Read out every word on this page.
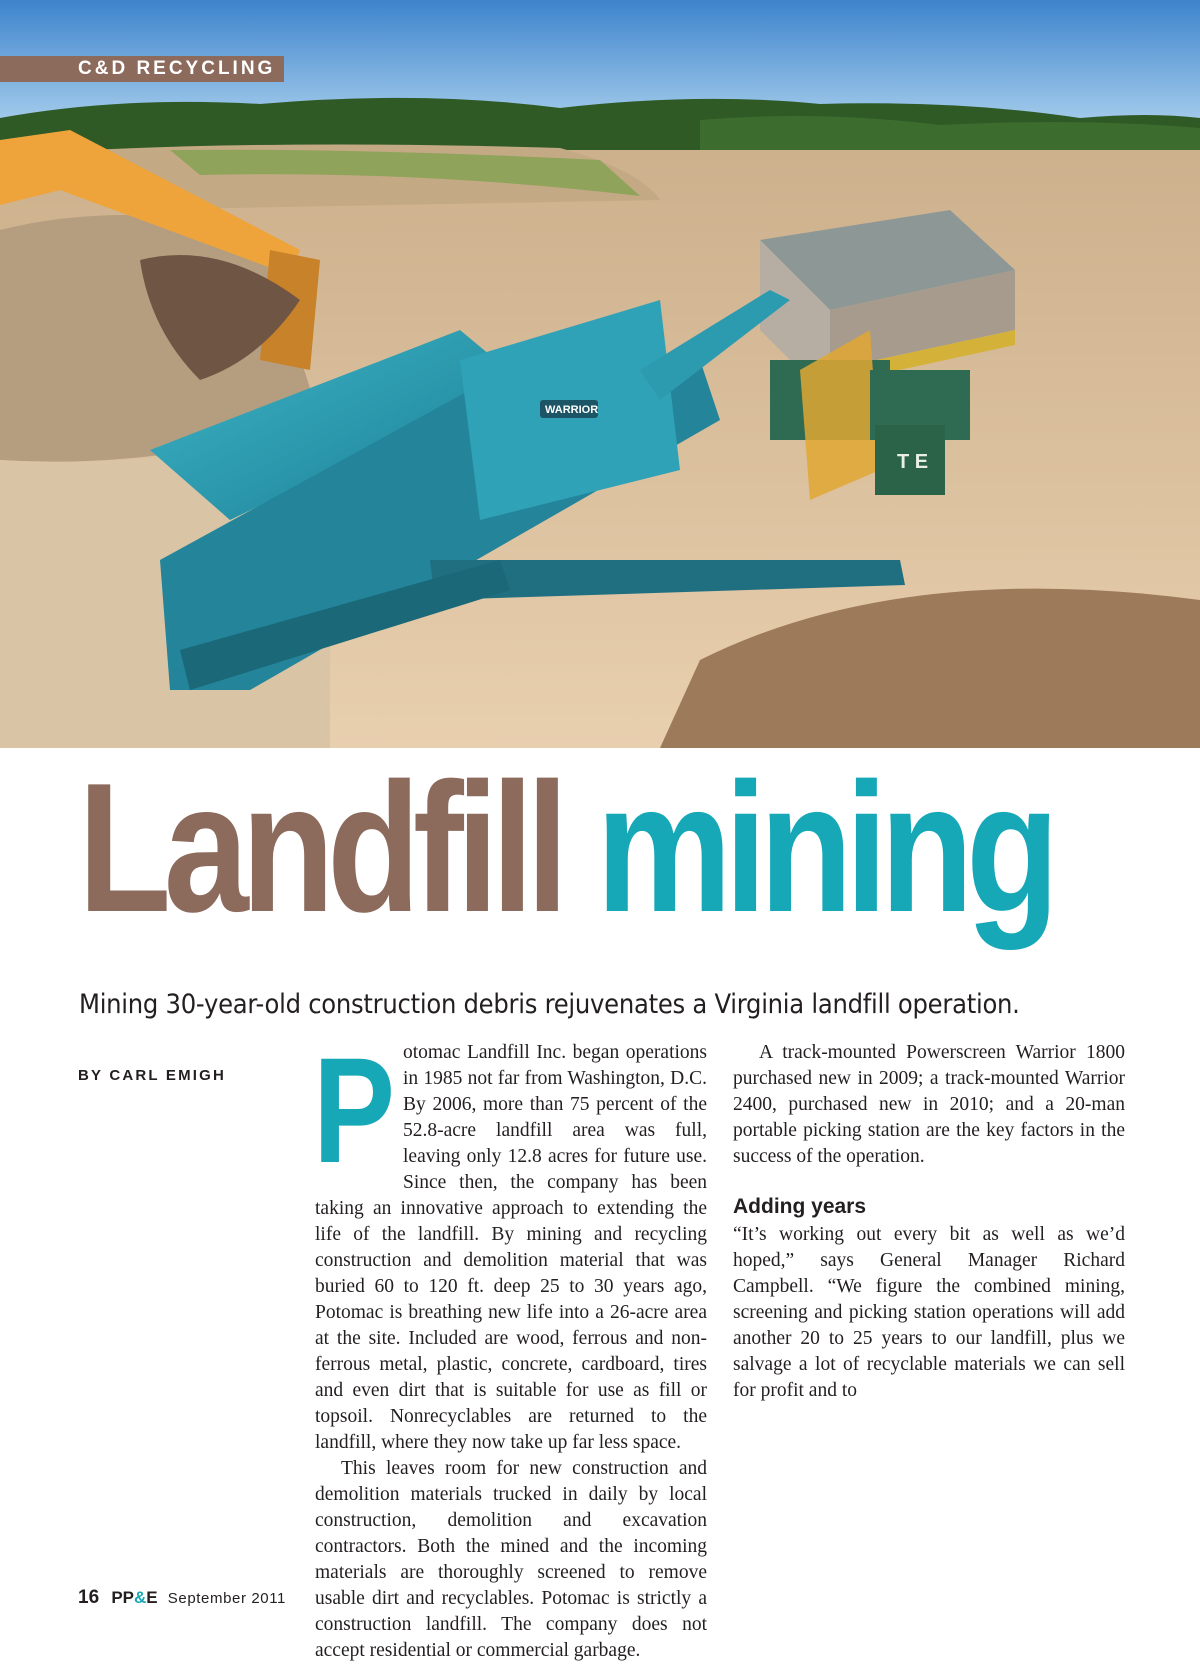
T E
WARRIOR
C&D RECYCLING
Landfill mining

Mining 30-year-old construction debris rejuvenates a Virginia landfill operation.

BY CARL EMIGH P otomac Landfill Inc. began operations in 1985 not far from Washington, D.C. By 2006, more than 75 percent of the 52.8-acre landfill area was full, leaving only 12.8 acres for future use. Since then, the company has been taking an innovative approach to extending the life of the landfill. By mining and recycling construction and demolition material that was buried 60 to 120 ft. deep 25 to 30 years ago, Potomac is breathing new life into a 26-acre area at the site. Included are wood, ferrous and non-ferrous metal, plastic, concrete, cardboard, tires and even dirt that is suitable for use as fill or topsoil. Nonrecyclables are returned to the landfill, where they now take up far less space.

This leaves room for new construction and demolition materials trucked in daily by local construction, demolition and excavation contractors. Both the mined and the incoming materials are thoroughly screened to remove usable dirt and recyclables. Potomac is strictly a construction landfill. The company does not accept residential or commercial garbage.

A track-mounted Powerscreen Warrior 1800 purchased new in 2009; a track-mounted Warrior 2400, purchased new in 2010; and a 20-man portable picking station are the key factors in the success of the operation.

Adding years

“It’s working out every bit as well as we’d hoped,” says General Manager Richard Campbell. “We figure the combined mining, screening and picking station operations will add another 20 to 25 years to our landfill, plus we salvage a lot of recyclable materials we can sell for profit and to

16 PP&E September 2011
